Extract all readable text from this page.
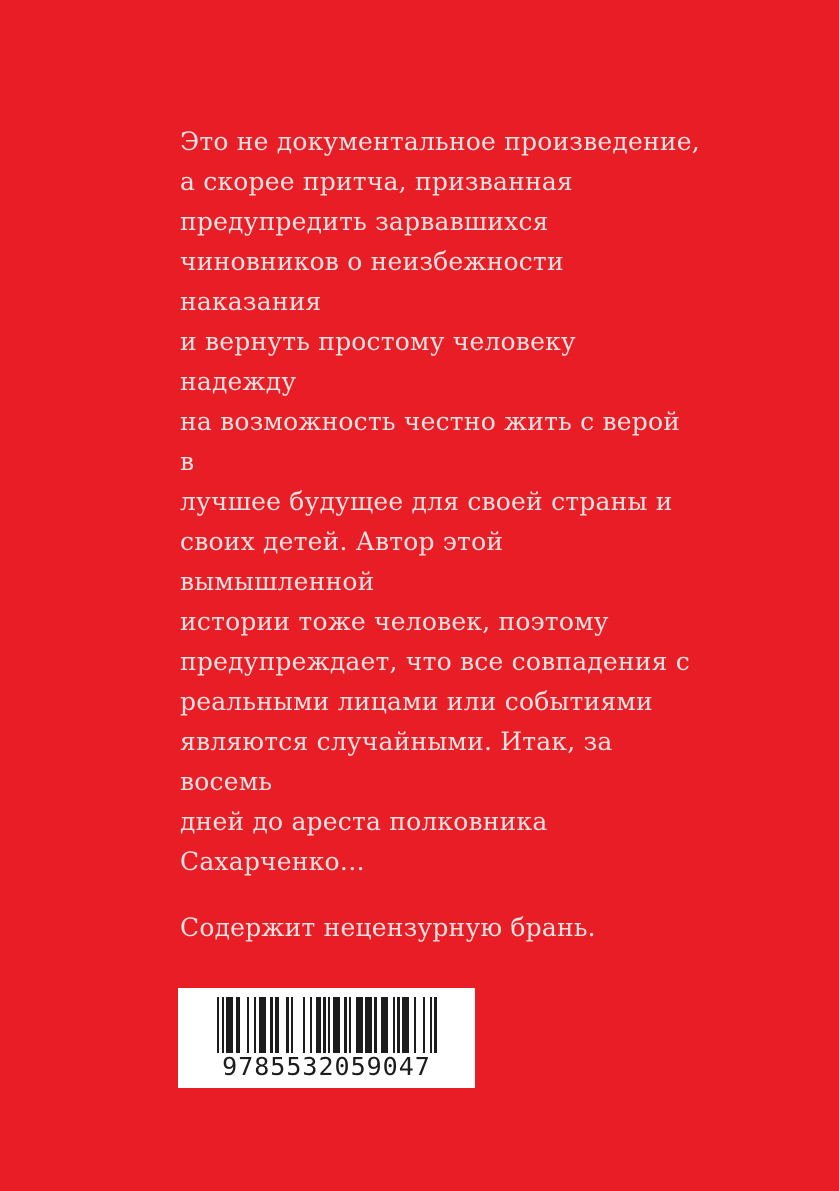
Это не документальное произведение,
а скорее притча, призванная
предупредить зарвавшихся
чиновников о неизбежности наказания
и вернуть простому человеку надежду
на возможность честно жить с верой в
лучшее будущее для своей страны и
своих детей. Автор этой вымышленной
истории тоже человек, поэтому
предупреждает, что все совпадения с
реальными лицами или событиями
являются случайными. Итак, за восемь
дней до ареста полковника
Сахарченко…
Содержит нецензурную брань.
9785532059047
